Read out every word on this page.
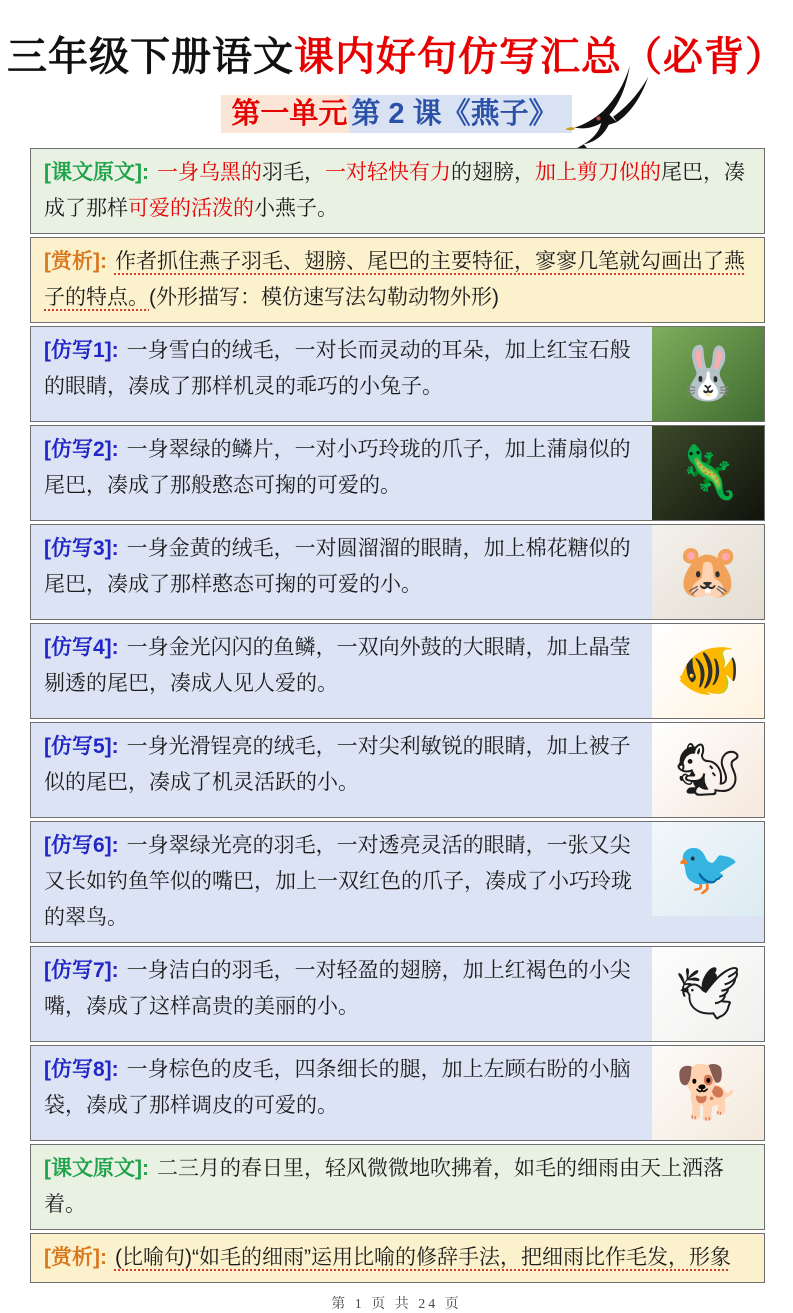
三年级下册语文课内好句仿写汇总（必背）
第一单元 第 2 课《燕子》
[课文原文]: 一身乌黑的羽毛，一对轻快有力的翅膀，加上剪刀似的尾巴，凑成了那样可爱的活泼的小燕子。
[赏析]: 作者抓住燕子羽毛、翅膀、尾巴的主要特征，寥寥几笔就勾画出了燕子的特点。(外形描写：模仿速写法勾勒动物外形)
🐰
[仿写1]: 一身雪白的绒毛，一对长而灵动的耳朵，加上红宝石般的眼睛，凑成了那样机灵的乖巧的小兔子。
🦎
[仿写2]: 一身翠绿的鳞片，一对小巧玲珑的爪子，加上蒲扇似的尾巴，凑成了那般憨态可掬的可爱的。
🐹
[仿写3]: 一身金黄的绒毛，一对圆溜溜的眼睛，加上棉花糖似的尾巴，凑成了那样憨态可掬的可爱的小。
🐠
[仿写4]: 一身金光闪闪的鱼鳞，一双向外鼓的大眼睛，加上晶莹剔透的尾巴，凑成人见人爱的。
🐿
[仿写5]: 一身光滑锃亮的绒毛，一对尖利敏锐的眼睛，加上被子似的尾巴，凑成了机灵活跃的小。
🐦
[仿写6]: 一身翠绿光亮的羽毛，一对透亮灵活的眼睛，一张又尖又长如钓鱼竿似的嘴巴，加上一双红色的爪子，凑成了小巧玲珑的翠鸟。
🕊
[仿写7]: 一身洁白的羽毛，一对轻盈的翅膀，加上红褐色的小尖嘴，凑成了这样高贵的美丽的小。
🐕
[仿写8]: 一身棕色的皮毛，四条细长的腿，加上左顾右盼的小脑袋，凑成了那样调皮的可爱的。
[课文原文]: 二三月的春日里，轻风微微地吹拂着，如毛的细雨由天上洒落着。
[赏析]: (比喻句)“如毛的细雨”运用比喻的修辞手法，把细雨比作毛发，形象
第 1 页 共 24 页
